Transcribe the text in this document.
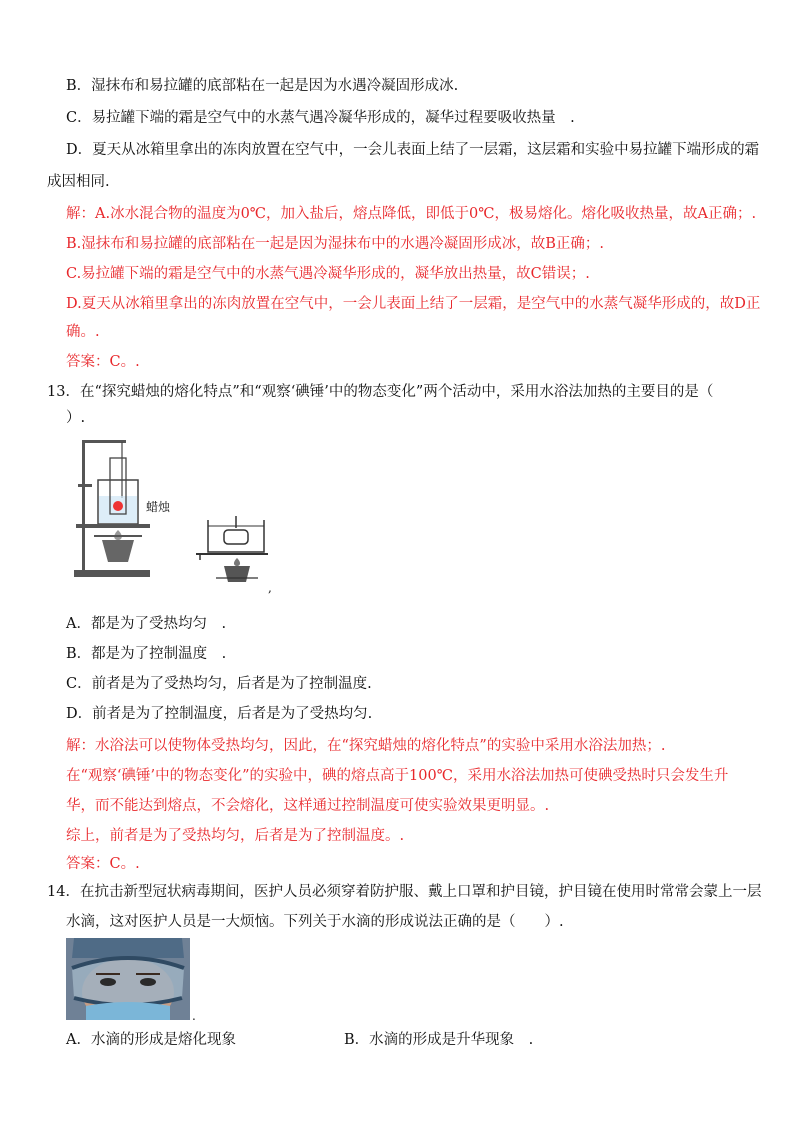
B．湿抹布和易拉罐的底部粘在一起是因为水遇冷凝固形成冰.
C．易拉罐下端的霜是空气中的水蒸气遇冷凝华形成的，凝华过程要吸收热量　.
D．夏天从冰箱里拿出的冻肉放置在空气中，一会儿表面上结了一层霜，这层霜和实验中易拉罐下端形成的霜
成因相同.
解：A.冰水混合物的温度为0℃，加入盐后，熔点降低，即低于0℃，极易熔化。熔化吸收热量，故A正确；.
B.湿抹布和易拉罐的底部粘在一起是因为湿抹布中的水遇冷凝固形成冰，故B正确；.
C.易拉罐下端的霜是空气中的水蒸气遇冷凝华形成的，凝华放出热量，故C错误；.
D.夏天从冰箱里拿出的冻肉放置在空气中，一会儿表面上结了一层霜，是空气中的水蒸气凝华形成的，故D正
确。.
答案：C。.
13．在“探究蜡烛的熔化特点”和“观察‘碘锤’中的物态变化”两个活动中，采用水浴法加热的主要目的是（
）.
蜡烛
,
A．都是为了受热均匀　.
B．都是为了控制温度　.
C．前者是为了受热均匀，后者是为了控制温度.
D．前者是为了控制温度，后者是为了受热均匀.
解：水浴法可以使物体受热均匀，因此，在“探究蜡烛的熔化特点”的实验中采用水浴法加热；.
在“观察‘碘锤’中的物态变化”的实验中，碘的熔点高于100℃，采用水浴法加热可使碘受热时只会发生升
华，而不能达到熔点，不会熔化，这样通过控制温度可使实验效果更明显。.
综上，前者是为了受热均匀，后者是为了控制温度。.
答案：C。.
14．在抗击新型冠状病毒期间，医护人员必须穿着防护服、戴上口罩和护目镜，护目镜在使用时常常会蒙上一层
水滴，这对医护人员是一大烦恼。下列关于水滴的形成说法正确的是（　　）.
.
A．水滴的形成是熔化现象	B．水滴的形成是升华现象　.
